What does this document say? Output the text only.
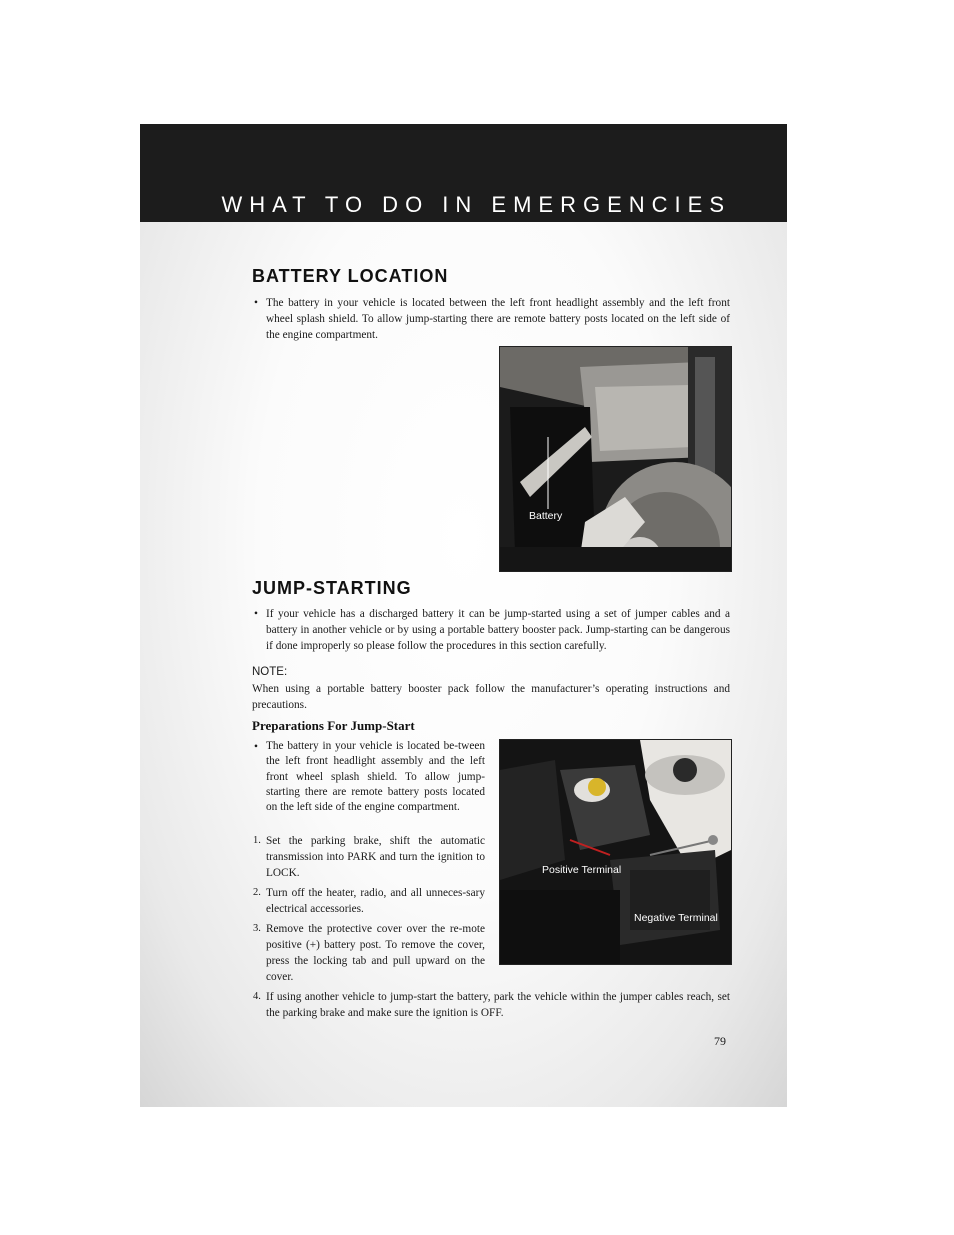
WHAT TO DO IN EMERGENCIES
BATTERY LOCATION
• The battery in your vehicle is located between the left front headlight assembly and the left front wheel splash shield. To allow jump-starting there are remote battery posts located on the left side of the engine compartment.
Battery
JUMP-STARTING
• If your vehicle has a discharged battery it can be jump-started using a set of jumper cables and a battery in another vehicle or by using a portable battery booster pack. Jump-starting can be dangerous if done improperly so please follow the procedures in this section carefully.
NOTE:
When using a portable battery booster pack follow the manufacturer’s operating instructions and precautions.
Preparations For Jump-Start
• The battery in your vehicle is located be-tween the left front headlight assembly and the left front wheel splash shield. To allow jump-starting there are remote battery posts located on the left side of the engine compartment.
1. Set the parking brake, shift the automatic transmission into PARK and turn the ignition to LOCK.
2. Turn off the heater, radio, and all unneces-sary electrical accessories.
3. Remove the protective cover over the re-mote positive (+) battery post. To remove the cover, press the locking tab and pull upward on the cover.
4. If using another vehicle to jump-start the battery, park the vehicle within the jumper cables reach, set the parking brake and make sure the ignition is OFF.
Positive Terminal
Negative Terminal
79
